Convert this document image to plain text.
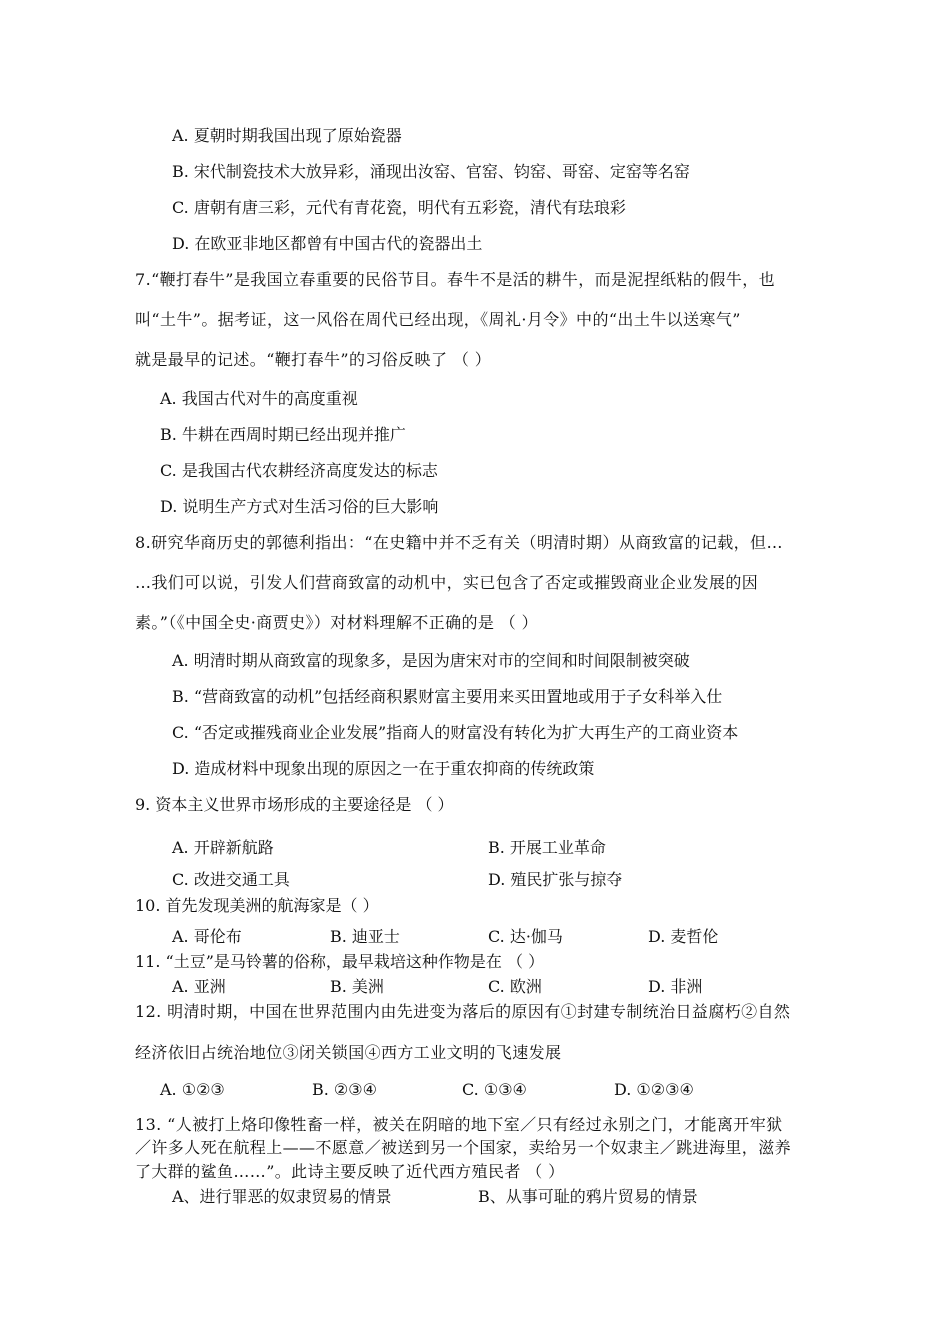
A. 夏朝时期我国出现了原始瓷器
B. 宋代制瓷技术大放异彩，涌现出汝窑、官窑、钧窑、哥窑、定窑等名窑
C. 唐朝有唐三彩，元代有青花瓷，明代有五彩瓷，清代有珐琅彩
D. 在欧亚非地区都曾有中国古代的瓷器出土
7.“鞭打春牛”是我国立春重要的民俗节目。春牛不是活的耕牛，而是泥捏纸粘的假牛，也
叫“土牛”。据考证，这一风俗在周代已经出现，《周礼·月令》中的“出土牛以送寒气”
就是最早的记述。“鞭打春牛”的习俗反映了 （ ）
A. 我国古代对牛的高度重视
B. 牛耕在西周时期已经出现并推广
C. 是我国古代农耕经济高度发达的标志
D. 说明生产方式对生活习俗的巨大影响
8.研究华商历史的郭德利指出：“在史籍中并不乏有关（明清时期）从商致富的记载，但…
…我们可以说，引发人们营商致富的动机中，实已包含了否定或摧毁商业企业发展的因
素。”（《中国全史·商贾史》）对材料理解不正确的是 （ ）
A. 明清时期从商致富的现象多，是因为唐宋对市的空间和时间限制被突破
B. “营商致富的动机”包括经商积累财富主要用来买田置地或用于子女科举入仕
C. “否定或摧残商业企业发展”指商人的财富没有转化为扩大再生产的工商业资本
D. 造成材料中现象出现的原因之一在于重农抑商的传统政策
9. 资本主义世界市场形成的主要途径是 （ ）
A. 开辟新航路	B. 开展工业革命
C. 改进交通工具	D. 殖民扩张与掠夺
10. 首先发现美洲的航海家是（ ）
A. 哥伦布	B. 迪亚士	C. 达·伽马	D. 麦哲伦
11. “土豆”是马铃薯的俗称，最早栽培这种作物是在 （ ）
A. 亚洲	B. 美洲	C. 欧洲	D. 非洲
12. 明清时期，中国在世界范围内由先进变为落后的原因有①封建专制统治日益腐朽②自然
经济依旧占统治地位③闭关锁国④西方工业文明的飞速发展
A. ①②③	B. ②③④	C. ①③④	D. ①②③④
13. “人被打上烙印像牲畜一样，被关在阴暗的地下室／只有经过永别之门，才能离开牢狱
／许多人死在航程上——不愿意／被送到另一个国家，卖给另一个奴隶主／跳进海里，滋养
了大群的鲨鱼……”。此诗主要反映了近代西方殖民者 （ ）
A、进行罪恶的奴隶贸易的情景	B、从事可耻的鸦片贸易的情景
